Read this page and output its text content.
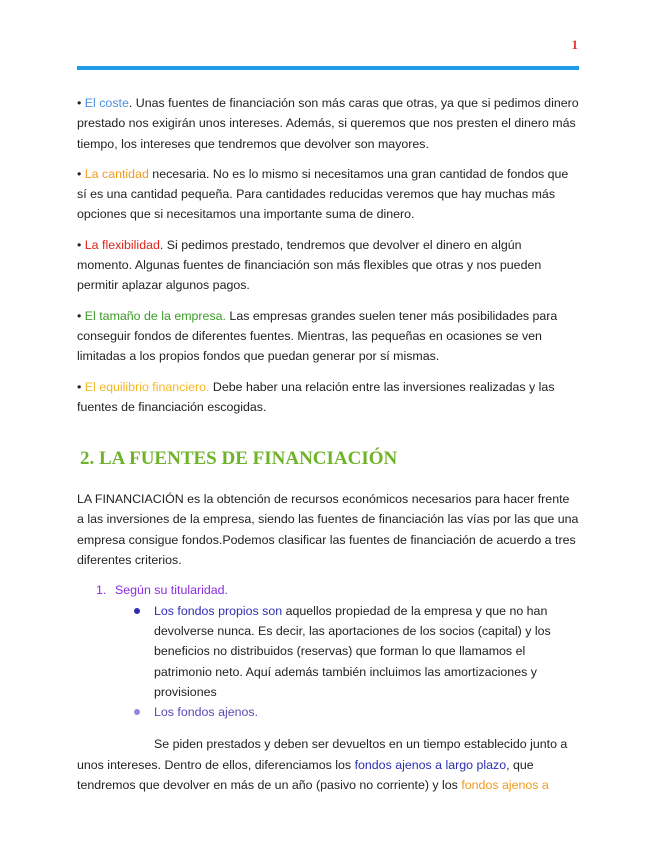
1

• El coste. Unas fuentes de financiación son más caras que otras, ya que si pedimos dinero prestado nos exigirán unos intereses. Además, si queremos que nos presten el dinero más tiempo, los intereses que tendremos que devolver son mayores.

• La cantidad necesaria. No es lo mismo si necesitamos una gran cantidad de fondos que sí es una cantidad pequeña. Para cantidades reducidas veremos que hay muchas más opciones que si necesitamos una importante suma de dinero.

• La flexibilidad. Si pedimos prestado, tendremos que devolver el dinero en algún momento. Algunas fuentes de financiación son más flexibles que otras y nos pueden permitir aplazar algunos pagos.

• El tamaño de la empresa. Las empresas grandes suelen tener más posibilidades para conseguir fondos de diferentes fuentes. Mientras, las pequeñas en ocasiones se ven limitadas a los propios fondos que puedan generar por sí mismas.

• El equilibrio financiero. Debe haber una relación entre las inversiones realizadas y las fuentes de financiación escogidas.

2. LA FUENTES DE FINANCIACIÓN

LA FINANCIACIÓN es la obtención de recursos económicos necesarios para hacer frente a las inversiones de la empresa, siendo las fuentes de financiación las vías por las que una empresa consigue fondos.Podemos clasificar las fuentes de financiación de acuerdo a tres diferentes criterios.

1. Según su titularidad.
Los fondos propios son aquellos propiedad de la empresa y que no han devolverse nunca. Es decir, las aportaciones de los socios (capital) y los beneficios no distribuidos (reservas) que forman lo que llamamos el patrimonio neto. Aquí además también incluimos las amortizaciones y provisiones
Los fondos ajenos.

Se piden prestados y deben ser devueltos en un tiempo establecido junto a unos intereses. Dentro de ellos, diferenciamos los fondos ajenos a largo plazo, que tendremos que devolver en más de un año (pasivo no corriente) y los fondos ajenos a
